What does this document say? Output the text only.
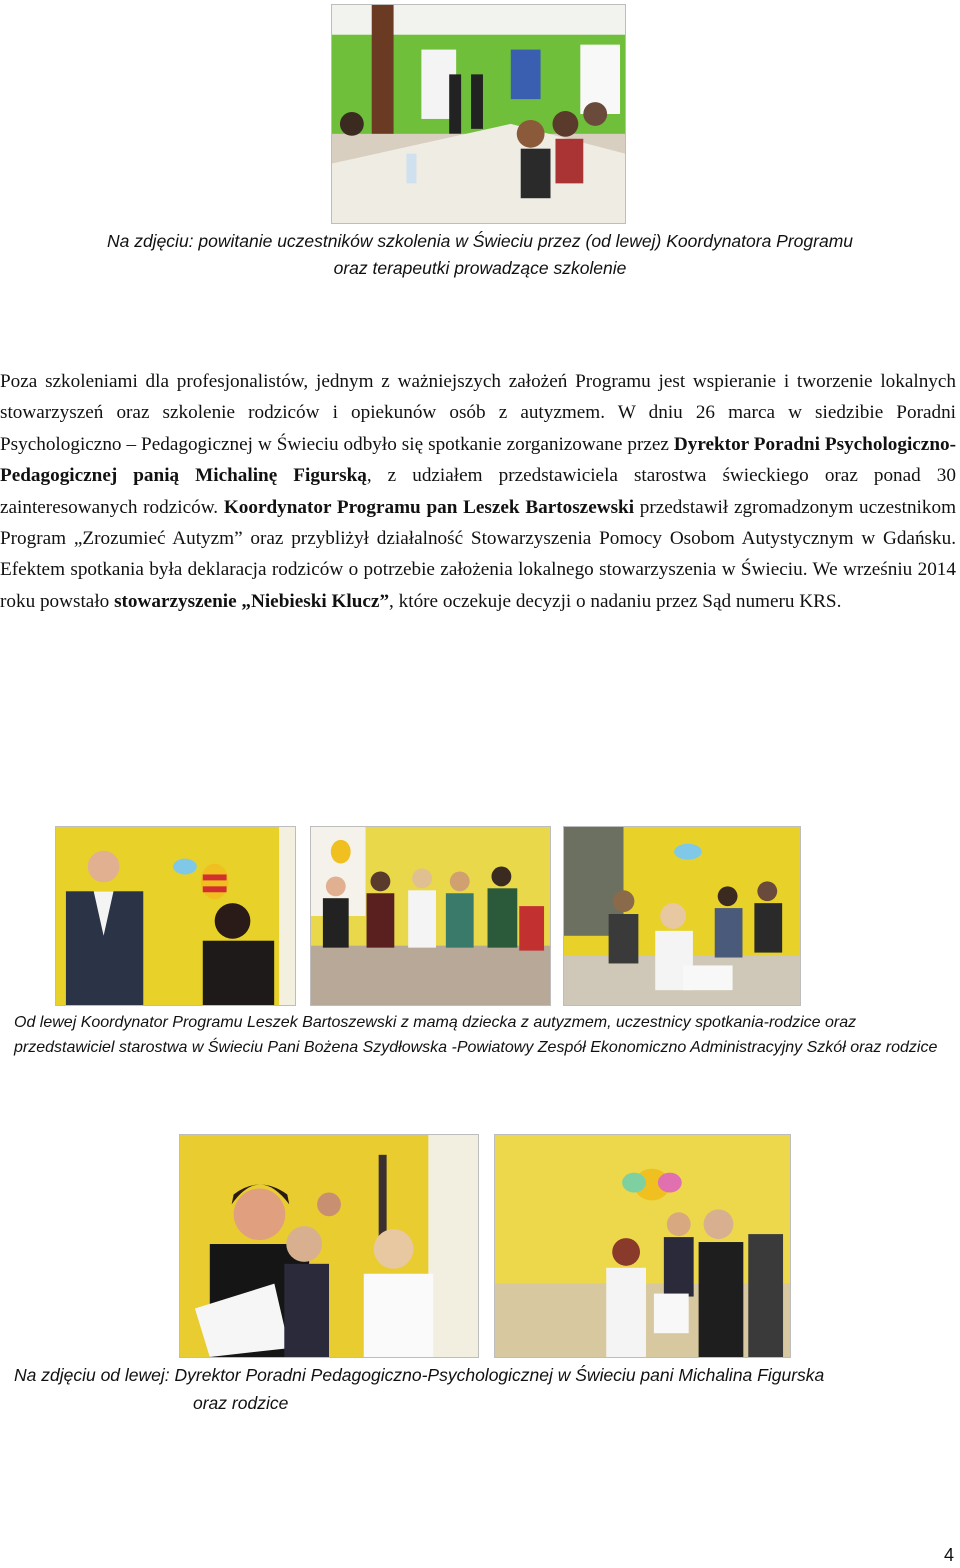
Na zdjęciu: powitanie uczestników szkolenia w Świeciu przez (od lewej) Koordynatora Programu
oraz terapeutki prowadzące szkolenie
Poza szkoleniami dla profesjonalistów, jednym z ważniejszych założeń Programu jest wspieranie i tworzenie lokalnych stowarzyszeń oraz szkolenie rodziców i opiekunów osób z autyzmem. W dniu 26 marca w siedzibie Poradni Psychologiczno – Pedagogicznej w Świeciu odbyło się spotkanie zorganizowane przez Dyrektor Poradni Psychologiczno-Pedagogicznej panią Michalinę Figurską, z udziałem przedstawiciela starostwa świeckiego oraz ponad 30 zainteresowanych rodziców. Koordynator Programu pan Leszek Bartoszewski przedstawił zgromadzonym uczestnikom Program „Zrozumieć Autyzm” oraz przybliżył działalność Stowarzyszenia Pomocy Osobom Autystycznym w Gdańsku. Efektem spotkania była deklaracja rodziców o potrzebie założenia lokalnego stowarzyszenia w Świeciu. We wrześniu 2014 roku powstało stowarzyszenie „Niebieski Klucz”, które oczekuje decyzji o nadaniu przez Sąd numeru KRS.
Od lewej Koordynator Programu Leszek Bartoszewski z mamą dziecka z autyzmem, uczestnicy spotkania-rodzice oraz przedstawiciel starostwa w Świeciu Pani Bożena Szydłowska -Powiatowy Zespół Ekonomiczno Administracyjny Szkół oraz rodzice
Na zdjęciu od lewej: Dyrektor Poradni Pedagogiczno-Psychologicznej w Świeciu pani Michalina Figurska
oraz rodzice
4
